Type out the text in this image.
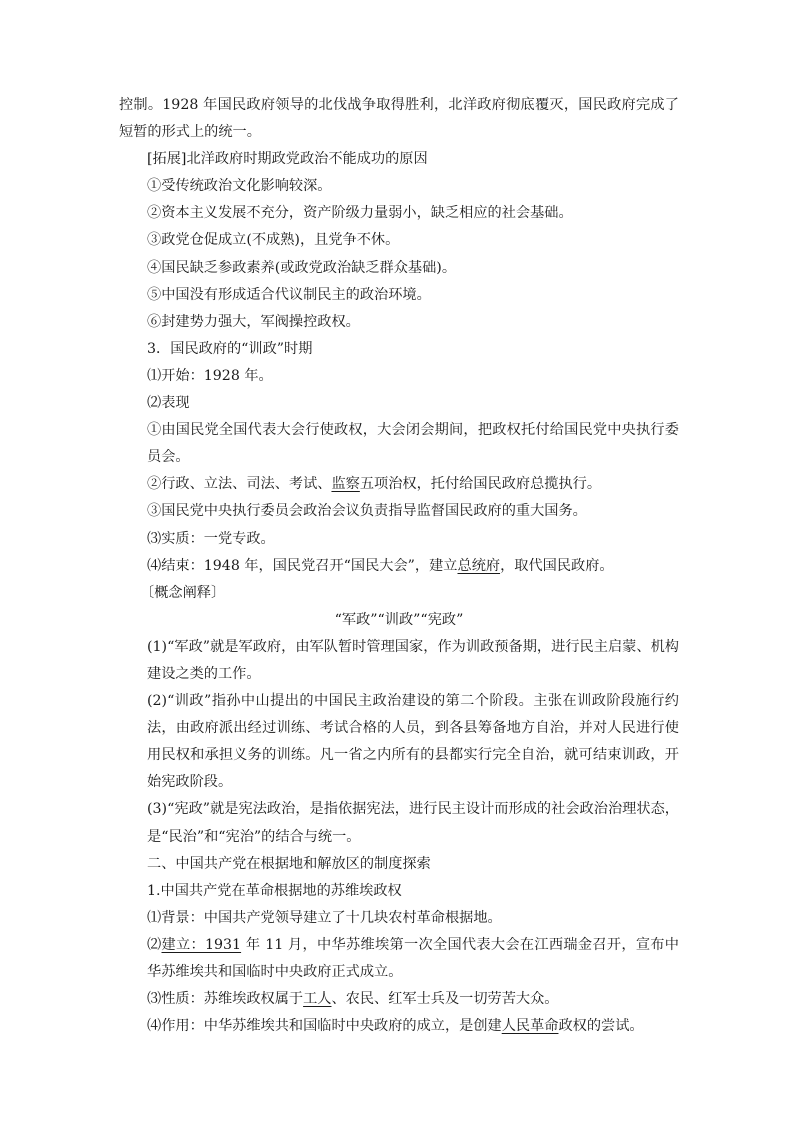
控制。1928 年国民政府领导的北伐战争取得胜利，北洋政府彻底覆灭，国民政府完成了短暂的形式上的统一。

[拓展]北洋政府时期政党政治不能成功的原因

①受传统政治文化影响较深。

②资本主义发展不充分，资产阶级力量弱小，缺乏相应的社会基础。

③政党仓促成立(不成熟)，且党争不休。

④国民缺乏参政素养(或政党政治缺乏群众基础)。

⑤中国没有形成适合代议制民主的政治环境。

⑥封建势力强大，军阀操控政权。

3．国民政府的“训政”时期

⑴开始：1928 年。

⑵表现

①由国民党全国代表大会行使政权，大会闭会期间，把政权托付给国民党中央执行委员会。

②行政、立法、司法、考试、监察五项治权，托付给国民政府总揽执行。

③国民党中央执行委员会政治会议负责指导监督国民政府的重大国务。

⑶实质：一党专政。

⑷结束：1948 年，国民党召开“国民大会”，建立总统府，取代国民政府。

〔概念阐释〕

“军政”“训政”“宪政”

(1)“军政”就是军政府，由军队暂时管理国家，作为训政预备期，进行民主启蒙、机构建设之类的工作。

(2)“训政”指孙中山提出的中国民主政治建设的第二个阶段。主张在训政阶段施行约法，由政府派出经过训练、考试合格的人员，到各县筹备地方自治，并对人民进行使用民权和承担义务的训练。凡一省之内所有的县都实行完全自治，就可结束训政，开始宪政阶段。

(3)“宪政”就是宪法政治，是指依据宪法，进行民主设计而形成的社会政治治理状态，是“民治”和“宪治”的结合与统一。

二、中国共产党在根据地和解放区的制度探索

1.中国共产党在革命根据地的苏维埃政权

⑴背景：中国共产党领导建立了十几块农村革命根据地。

⑵建立：1931 年 11 月，中华苏维埃第一次全国代表大会在江西瑞金召开，宣布中华苏维埃共和国临时中央政府正式成立。

⑶性质：苏维埃政权属于工人、农民、红军士兵及一切劳苦大众。

⑷作用：中华苏维埃共和国临时中央政府的成立，是创建人民革命政权的尝试。
